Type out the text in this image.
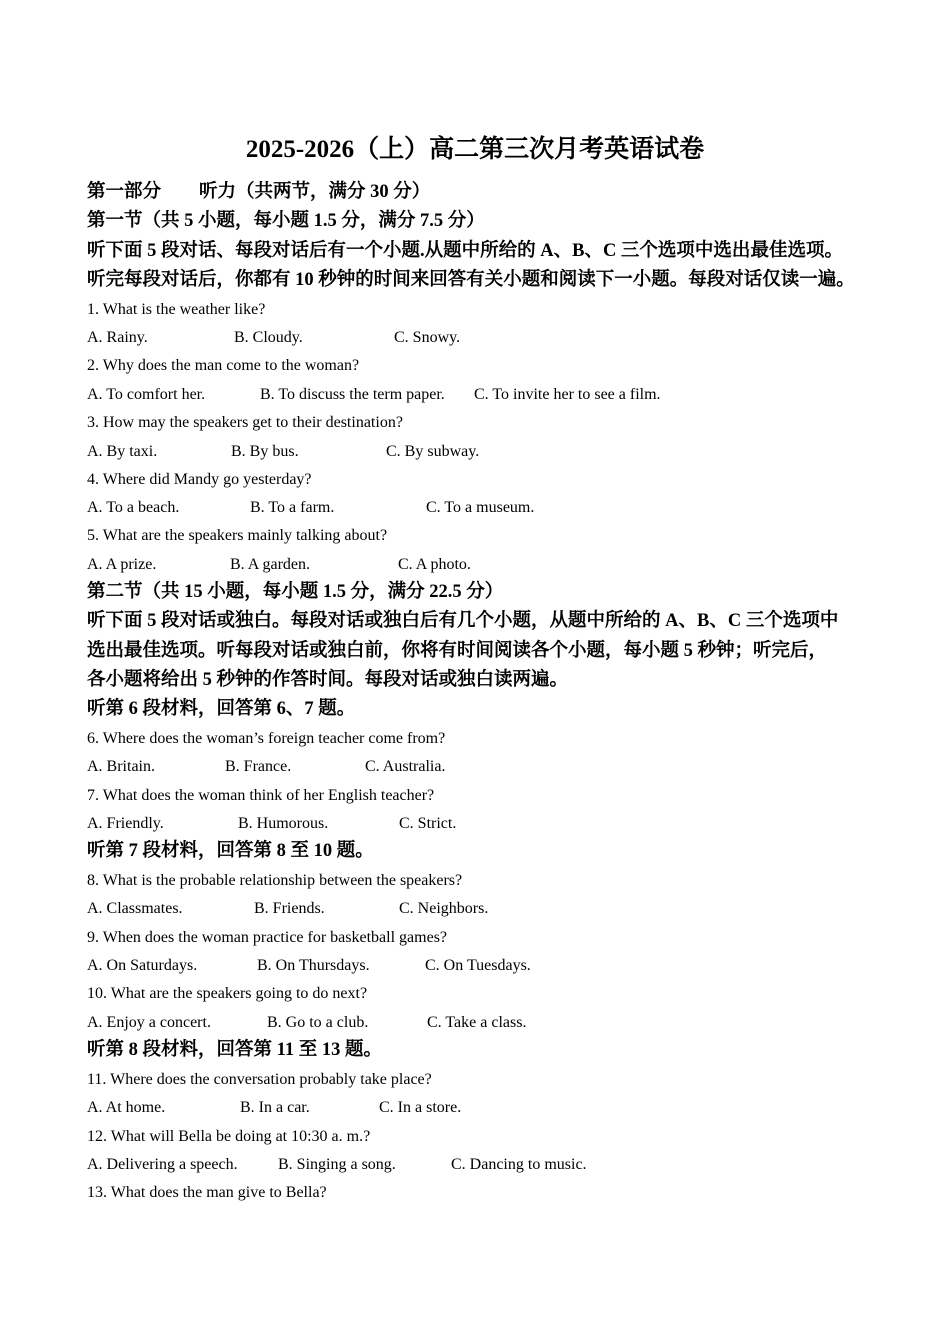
2025-2026（上）高二第三次月考英语试卷
第一部分 听力（共两节，满分 30 分）
第一节（共 5 小题，每小题 1.5 分，满分 7.5 分）
听下面 5 段对话、每段对话后有一个小题.从题中所给的 A、B、C 三个选项中选出最佳选项。
听完每段对话后，你都有 10 秒钟的时间来回答有关小题和阅读下一小题。每段对话仅读一遍。
1. What is the weather like?
A. Rainy.	B. Cloudy.	C. Snowy.
2. Why does the man come to the woman?
A. To comfort her.	B. To discuss the term paper. C. To invite her to see a film.
3. How may the speakers get to their destination?
A. By taxi.	B. By bus.	C. By subway.
4. Where did Mandy go yesterday?
A. To a beach.	B. To a farm.	C. To a museum.
5. What are the speakers mainly talking about?
A. A prize.	B. A garden.	C. A photo.
第二节（共 15 小题，每小题 1.5 分，满分 22.5 分）
听下面 5 段对话或独白。每段对话或独白后有几个小题，从题中所给的 A、B、C 三个选项中
选出最佳选项。听每段对话或独白前，你将有时间阅读各个小题，每小题 5 秒钟；听完后，
各小题将给出 5 秒钟的作答时间。每段对话或独白读两遍。
听第 6 段材料，回答第 6、7 题。
6. Where does the woman’s foreign teacher come from?
A. Britain.	B. France.	C. Australia.
7. What does the woman think of her English teacher?
A. Friendly.	B. Humorous.	C. Strict.
听第 7 段材料，回答第 8 至 10 题。
8. What is the probable relationship between the speakers?
A. Classmates.	B. Friends.	C. Neighbors.
9. When does the woman practice for basketball games?
A. On Saturdays.	B. On Thursdays.	C. On Tuesdays.
10. What are the speakers going to do next?
A. Enjoy a concert.	B. Go to a club.	C. Take a class.
听第 8 段材料，回答第 11 至 13 题。
11. Where does the conversation probably take place?
A. At home.	B. In a car.	C. In a store.
12. What will Bella be doing at 10:30 a. m.?
A. Delivering a speech.	B. Singing a song.	C. Dancing to music.
13. What does the man give to Bella?
